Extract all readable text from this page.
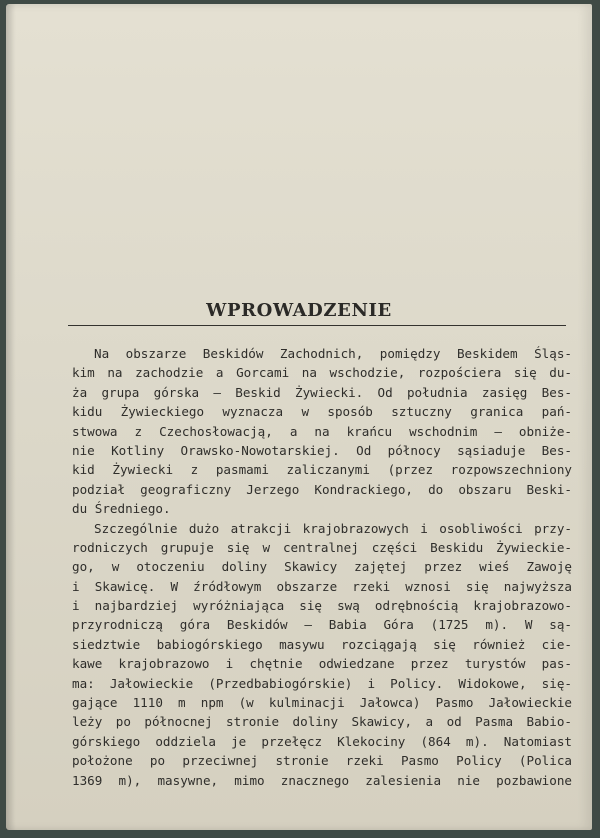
WPROWADZENIE
Na obszarze Beskidów Zachodnich, pomiędzy Beskidem Śląs-
kim na zachodzie a Gorcami na wschodzie, rozpościera się du-
ża grupa górska — Beskid Żywiecki. Od południa zasięg Bes-
kidu Żywieckiego wyznacza w sposób sztuczny granica pań-
stwowa z Czechosłowacją, a na krańcu wschodnim — obniże-
nie Kotliny Orawsko-Nowotarskiej. Od północy sąsiaduje Bes-
kid Żywiecki z pasmami zaliczanymi (przez rozpowszechniony
podział geograficzny Jerzego Kondrackiego, do obszaru Beski-
du Średniego.
Szczególnie dużo atrakcji krajobrazowych i osobliwości przy-
rodniczych grupuje się w centralnej części Beskidu Żywieckie-
go, w otoczeniu doliny Skawicy zajętej przez wieś Zawoję
i Skawicę. W źródłowym obszarze rzeki wznosi się najwyższa
i najbardziej wyróżniająca się swą odrębnością krajobrazowo-
przyrodniczą góra Beskidów — Babia Góra (1725 m). W są-
siedztwie babiogórskiego masywu rozciągają się również cie-
kawe krajobrazowo i chętnie odwiedzane przez turystów pas-
ma: Jałowieckie (Przedbabiogórskie) i Policy. Widokowe, się-
gające 1110 m npm (w kulminacji Jałowca) Pasmo Jałowieckie
leży po północnej stronie doliny Skawicy, a od Pasma Babio-
górskiego oddziela je przełęcz Klekociny (864 m). Natomiast
położone po przeciwnej stronie rzeki Pasmo Policy (Polica
1369 m), masywne, mimo znacznego zalesienia nie pozbawione
